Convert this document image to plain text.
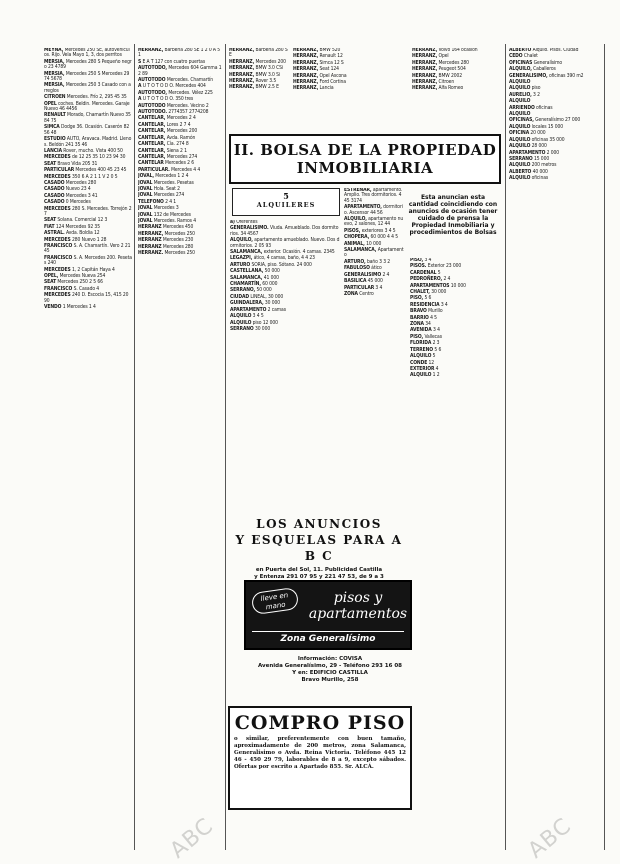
MEYNA, Mercedes 250 SE, autovehículos. Rijo. Vela Mayo 1, 3, dos perritos

MERSIA, Mercedes 280 S Pequeño negro 23 4789

MERSIA, Mercedes 250 S Mercedes 2974 5678

MERSIA, Mercedes 250 3 Casado con arreglos

CITROEN Mercedes. Frío 2, 295 45 35

OPEL coches. Beldin. Mercedes. Garaje Nuevo 46 4456

RENAULT Morado, Chamartín Nuevo 35 84 75

SIMCA Dodge 36. Ocasión. Caserón 82 56 48

ESTUDIO AUTO, Aravaca. Madrid. Llenos. Beldón 241 35 46

LANCIA Rover, mucho. Vista 400 50

MERCEDES de 12 25 35 10 23 94 30

SEAT Bravo Vida 205 31

PARTICULAR Mercedes 400 45 23 45

MERCEDES 350 6 A 2 1 1 V 2 0 5

CASADO Mercedes 280

CASADO Nuevo 23 4

CASADO Mercedes 3 41

CASADO 0 Mercedes

MERCEDES 280 S. Mercedes. Torrejón 27

SEAT Solana. Comercial 12 3

FIAT 124 Mercedes 92 35

ASTRAL. Avda. Boldia 12

MERCEDES 280 Nuevo 1 28

FRANCISCO S. A. Chamartín. Vero 2 2145

FRANCISCO S. A. Mercedes 200. Pesetas 240

MERCEDES 1, 2 Capitán Haya 4

OPEL, Mercedes Nueva 254

SEAT Mercedes 250 2 5 66

FRANCISCO S. Casado 4

MERCEDES 240 D. Escocia 15, 415 20 90

VENDO 1 Mercedes 1 4

HERRANZ, Barbería 280 SE 1 2 0 A 5 1

S E A T 127 con cuatro puertas

AUTOTODO, Mercedes 604 Gamma 12 89

AUTOTODO Mercedes. Chamartín

A U T O T O D O. Mercedes 404

AUTOTODO, Mercedes. Vélez 225

A U T O T O D O. 350 tres

AUTOTODO Mercedes. Vecino 2

AUTOTODO. 2774357 2774208

CANTELAR, Mercedes 2 4

CANTELAR, Lores 2 7 4

CANTELAR, Mercedes 200

CANTELAR, Avda. Ramón

CANTELAR, Cía. 274 8

CANTELAR, Siena 2 1

CANTELAR, Mercedes 274

CANTELAR Mercedes 2 6

PARTICULAR. Mercedes 4 4

JOVAL, Mercedes 1 2 4

JOVAL Mercedes. Pesetas

JOVAL Hola. Seat 2

JOVAL Mercedes 274

TELEFONO 2 4 1

JOVAL Mercedes 3

JOVAL 132 de Mercedes

JOVAL Mercedes. Ramos 4

HERRANZ Mercedes 450

HERRANZ, Mercedes 250

HERRANZ Mercedes 230

HERRANZ Mercedes 280

HERRANZ. Mercedes 250

HERRANZ, Barbería 280 SE

HERRANZ, Mercedes 200

HERRANZ, BMW 3.0 CSi

HERRANZ, BMW 3.0 Si

HERRANZ, Rover 3.5

HERRANZ, BMW 2.5 E

HERRANZ, BMW 520

HERRANZ, Renault 12

HERRANZ, Simca 12 S

HERRANZ, Seat 124

HERRANZ, Opel Ascona

HERRANZ, Ford Cortina

HERRANZ, Lancia

HERRANZ, Volvo 164 ocasión

HERRANZ, Opel

HERRANZ, Mercedes 280

HERRANZ, Peugeot 504

HERRANZ, BMW 2002

HERRANZ, Citroen

HERRANZ, Alfa Romeo

II. BOLSA DE LA PROPIEDAD
INMOBILIARIA
5
ALQUILERES

a) Oferentes

GENERALISIMO. Viuda. Amueblado. Dos dormitorios. 34 4567

ALQUILO, apartamento amueblado. Nuevo. Dos dormitorios. 2 05 93

SALAMANCA, exterior. Ocasión. 4 camas. 2345

LEGAZPI, ático, 4 camas, baño, 4 4 23

ARTURO SORIA, piso. Sótano. 24 000

CASTELLANA, 50 000

SALAMANCA, 41 000

CHAMARTÍN, 60 000

SERRANO, 50 000

CIUDAD LINEAL, 30 000

GUINDALERA, 30 000

APARTAMENTO 2 camas

ALQUILO 3 4 5

ALQUILO piso 12 000

SERRANO 30 000

ESTRENAR, apartamento. Amplio. Tres dormitorios. 445 3174

APARTAMENTO, dormitorio. Ascensor 44 56

ALQUILO, apartamento nuevo, 2 salones, 12 44

PISOS, exteriores 3 4 5

CHOPERA, 60 000 4 4 5

ANIMAL, 10 000

SALAMANCA, Apartamento

ARTURO, baño 3 3 2

FABULOSO ático

GENERALISIMO 2 4

BASILICA 45 000

PARTICULAR 3 4

ZONA Centro

Esta anuncian esta cantidad coincidiendo con anuncios de ocasión tener cuidado de prensa la Propiedad Inmobiliaria y procedimientos de Bolsas

PISO, 3 4

PISOS. Exterior 23 000

CARDENAL 5

PEDROÑERO, 2 4

APARTAMENTOS 10 000

CHALET, 30 000

PISO, 5 6

RESIDENCIA 3 4

BRAVO Murillo

BARRIO 4 5

ZONA 34

AVENIDA 3 4

PISO, Vallecas

FLORIDA 2 3

TERRENO 5 6

ALQUILO 5

CONDE 12

EXTERIOR 4

ALQUILO 1 2

ALBERTO Alquilo. Pisos. Ciudad

CEDO Chalet

OFICINAS Generalísimo

ALQUILO, Caballeros

GENERALISIMO, oficinas 390 m2

ALQUILO

ALQUILO piso

AURELIO, 3 2

ALQUILO

ARRIENDO oficinas

ALQUILO

OFICINAS, Generalísimo 27 000

ALQUILO locales 15 000

OFICINA 20 000

ALQUILO oficinas 35 000

ALQUILO 28 000

APARTAMENTO 2 000

SERRANO 15 000

ALQUILO 200 metros

ALBERTO 40 000

ALQUILO oficinas

LOS ANUNCIOS
Y ESQUELAS PARA A B C
en Puerta del Sol, 11. Publicidad Castilla
y Entenza 291 07 95 y 221 47 53, de 9 a 3
lleve en mano	pisos y apartamentos
Zona Generalísimo
Información: COVISA
Avenida Generalísimo, 29 - Teléfono 293 16 08
Y en: EDIFICIO CASTILLA
Bravo Murillo, 258
COMPRO PISO
o similar, preferentemente con buen tamaño, aproximadamente de 200 metros, zona Salamanca, Generalísimo o Avda. Reina Victoria. Teléfono 445 12 46 - 450 29 79, laborables de 8 a 9, excepto sábados. Ofertas por escrito a Apartado 855. Sr. ALCÁ.
ABC	ABC
